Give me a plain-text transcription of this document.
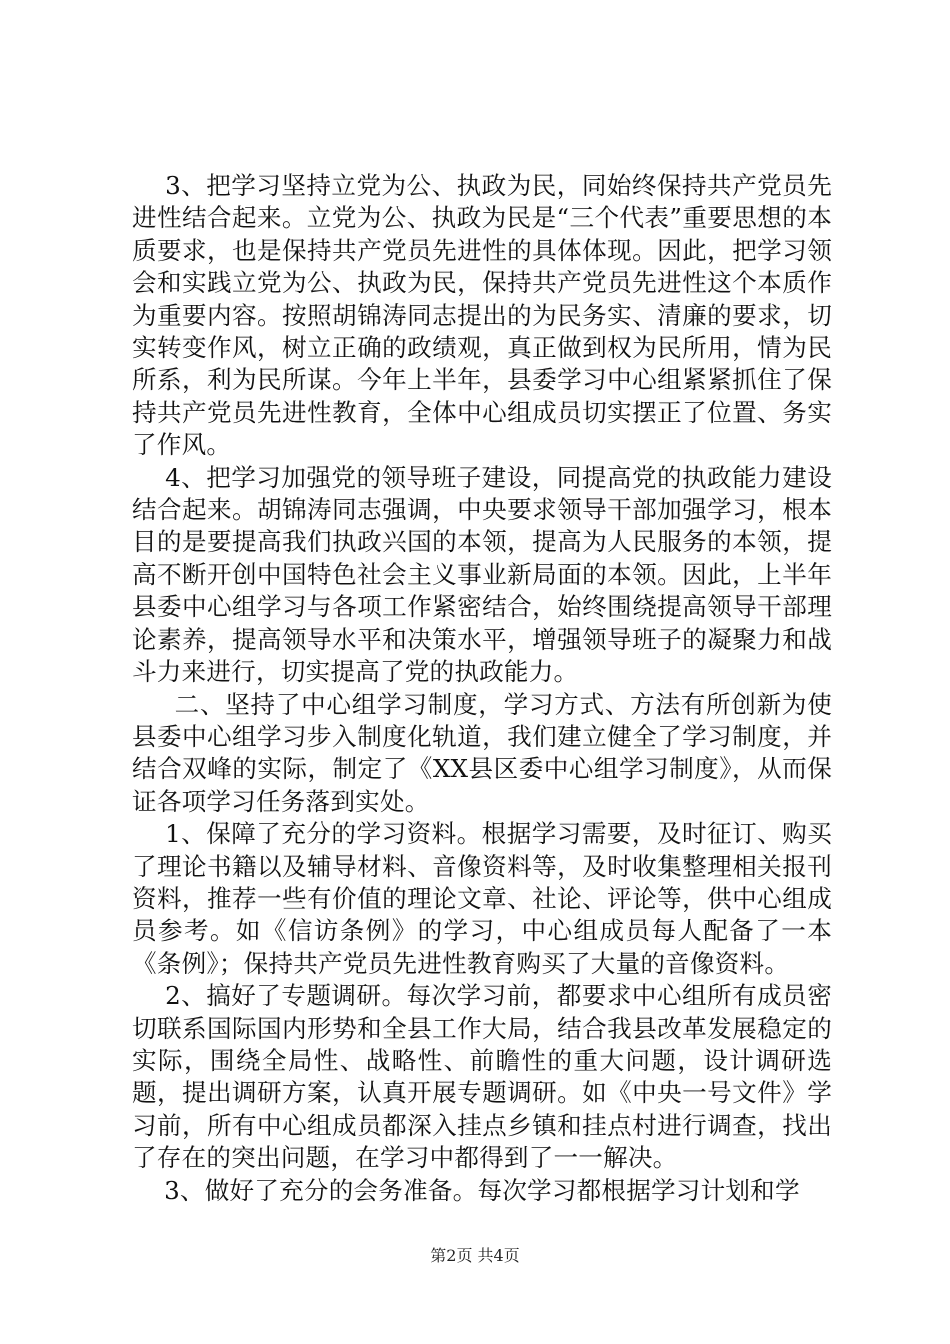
3、把学习坚持立党为公、执政为民，同始终保持共产党员先进性结合起来。立党为公、执政为民是“三个代表”重要思想的本质要求，也是保持共产党员先进性的具体体现。因此，把学习领会和实践立党为公、执政为民，保持共产党员先进性这个本质作为重要内容。按照胡锦涛同志提出的为民务实、清廉的要求，切实转变作风，树立正确的政绩观，真正做到权为民所用，情为民所系，利为民所谋。今年上半年，县委学习中心组紧紧抓住了保持共产党员先进性教育，全体中心组成员切实摆正了位置、务实了作风。

4、把学习加强党的领导班子建设，同提高党的执政能力建设结合起来。胡锦涛同志强调，中央要求领导干部加强学习，根本目的是要提高我们执政兴国的本领，提高为人民服务的本领，提高不断开创中国特色社会主义事业新局面的本领。因此，上半年县委中心组学习与各项工作紧密结合，始终围绕提高领导干部理论素养，提高领导水平和决策水平，增强领导班子的凝聚力和战斗力来进行，切实提高了党的执政能力。

二、坚持了中心组学习制度，学习方式、方法有所创新为使县委中心组学习步入制度化轨道，我们建立健全了学习制度，并结合双峰的实际，制定了《XX县区委中心组学习制度》，从而保证各项学习任务落到实处。

1、保障了充分的学习资料。根据学习需要，及时征订、购买了理论书籍以及辅导材料、音像资料等，及时收集整理相关报刊资料，推荐一些有价值的理论文章、社论、评论等，供中心组成员参考。如《信访条例》的学习，中心组成员每人配备了一本《条例》；保持共产党员先进性教育购买了大量的音像资料。

2、搞好了专题调研。每次学习前，都要求中心组所有成员密切联系国际国内形势和全县工作大局，结合我县改革发展稳定的实际，围绕全局性、战略性、前瞻性的重大问题，设计调研选题，提出调研方案，认真开展专题调研。如《中央一号文件》学习前，所有中心组成员都深入挂点乡镇和挂点村进行调查，找出了存在的突出问题，在学习中都得到了一一解决。

3、做好了充分的会务准备。每次学习都根据学习计划和学

第2页 共4页
